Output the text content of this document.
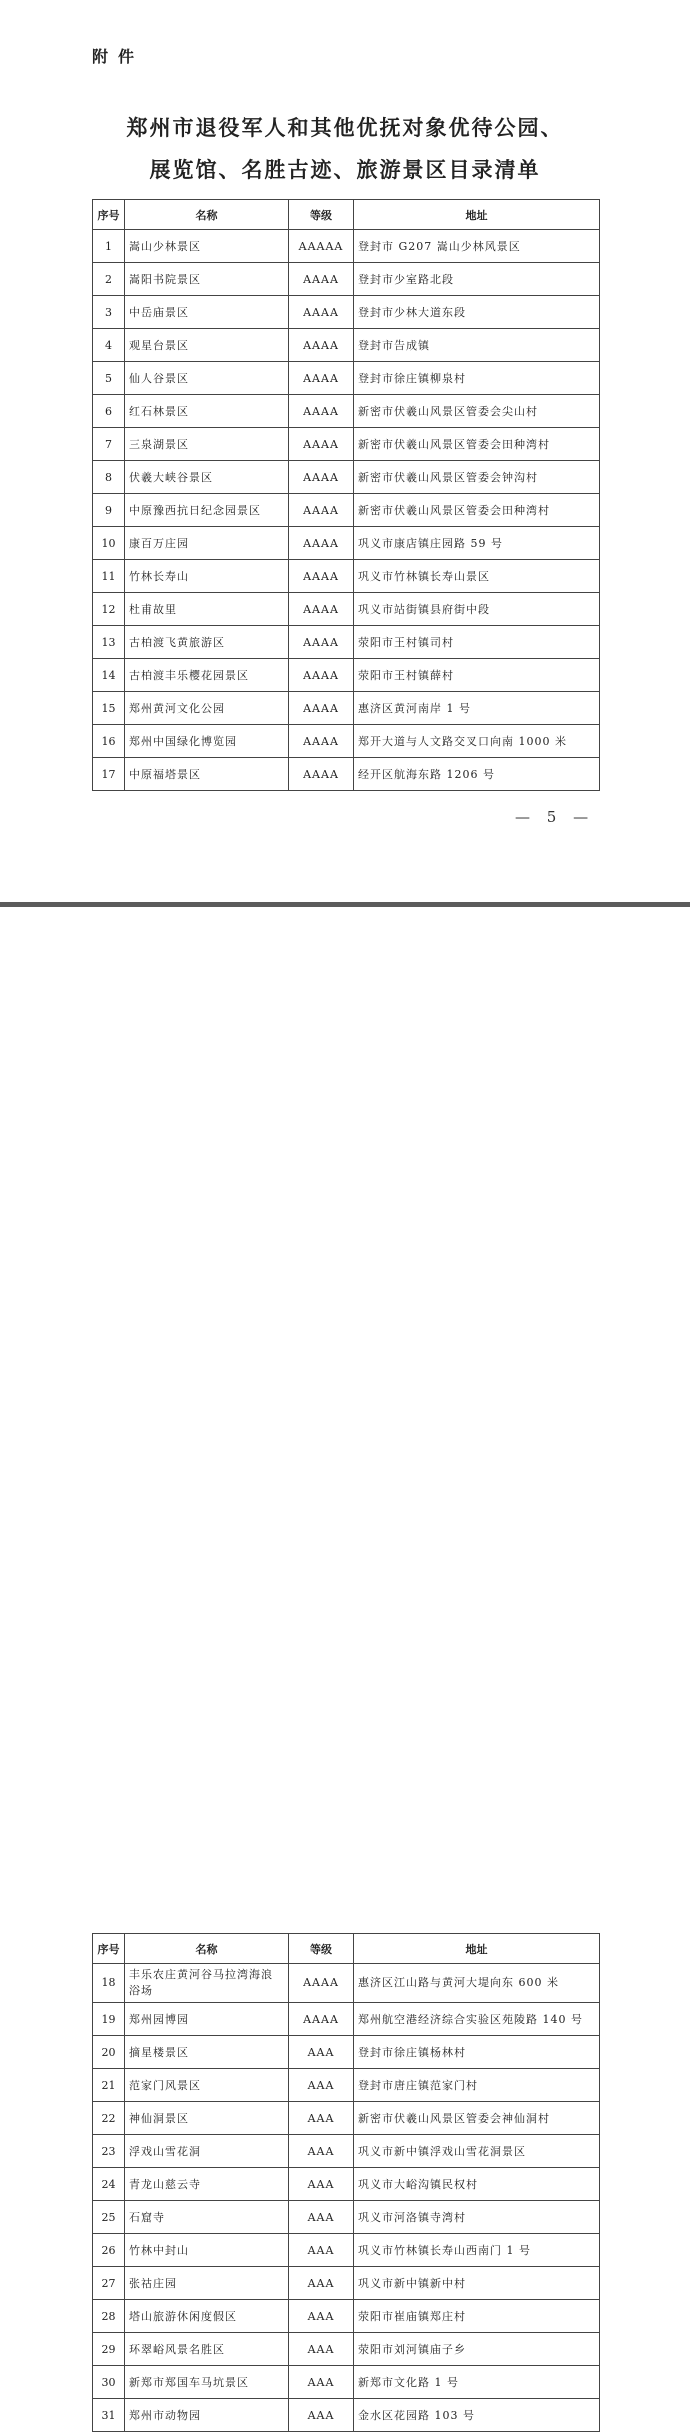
附件
郑州市退役军人和其他优抚对象优待公园、
展览馆、名胜古迹、旅游景区目录清单
序号	名称	等级	地址
1	嵩山少林景区	AAAAA	登封市 G207 嵩山少林风景区
2	嵩阳书院景区	AAAA	登封市少室路北段
3	中岳庙景区	AAAA	登封市少林大道东段
4	观星台景区	AAAA	登封市告成镇
5	仙人谷景区	AAAA	登封市徐庄镇柳泉村
6	红石林景区	AAAA	新密市伏羲山风景区管委会尖山村
7	三泉湖景区	AAAA	新密市伏羲山风景区管委会田种湾村
8	伏羲大峡谷景区	AAAA	新密市伏羲山风景区管委会钟沟村
9	中原豫西抗日纪念园景区	AAAA	新密市伏羲山风景区管委会田种湾村
10	康百万庄园	AAAA	巩义市康店镇庄园路 59 号
11	竹林长寿山	AAAA	巩义市竹林镇长寿山景区
12	杜甫故里	AAAA	巩义市站街镇县府街中段
13	古柏渡飞黄旅游区	AAAA	荥阳市王村镇司村
14	古柏渡丰乐樱花园景区	AAAA	荥阳市王村镇薛村
15	郑州黄河文化公园	AAAA	惠济区黄河南岸 1 号
16	郑州中国绿化博览园	AAAA	郑开大道与人文路交叉口向南 1000 米
17	中原福塔景区	AAAA	经开区航海东路 1206 号
— 5 —
序号	名称	等级	地址
18	丰乐农庄黄河谷马拉湾海浪浴场	AAAA	惠济区江山路与黄河大堤向东 600 米
19	郑州园博园	AAAA	郑州航空港经济综合实验区苑陵路 140 号
20	摘星楼景区	AAA	登封市徐庄镇杨林村
21	范家门风景区	AAA	登封市唐庄镇范家门村
22	神仙洞景区	AAA	新密市伏羲山风景区管委会神仙洞村
23	浮戏山雪花洞	AAA	巩义市新中镇浮戏山雪花洞景区
24	青龙山慈云寺	AAA	巩义市大峪沟镇民权村
25	石窟寺	AAA	巩义市河洛镇寺湾村
26	竹林中封山	AAA	巩义市竹林镇长寿山西南门 1 号
27	张祜庄园	AAA	巩义市新中镇新中村
28	塔山旅游休闲度假区	AAA	荥阳市崔庙镇郑庄村
29	环翠峪风景名胜区	AAA	荥阳市刘河镇庙子乡
30	新郑市郑国车马坑景区	AAA	新郑市文化路 1 号
31	郑州市动物园	AAA	金水区花园路 103 号
